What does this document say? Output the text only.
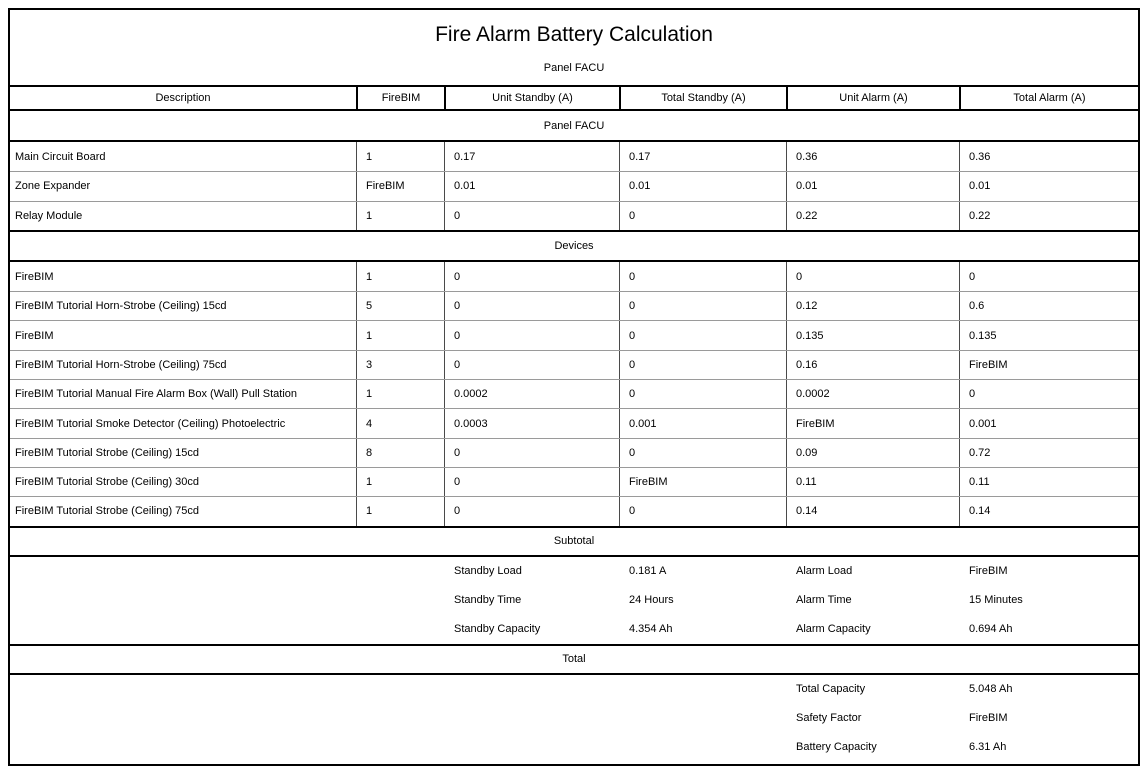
Fire Alarm Battery Calculation
Panel FACU
Description	FireBIM	Unit Standby (A)	Total Standby (A)	Unit Alarm (A)	Total Alarm (A)
Panel FACU
Main Circuit Board	1	0.17	0.17	0.36	0.36
Zone Expander	FireBIM	0.01	0.01	0.01	0.01
Relay Module	1	0	0	0.22	0.22
Devices
FireBIM	1	0	0	0	0
FireBIM Tutorial Horn-Strobe (Ceiling) 15cd	5	0	0	0.12	0.6
FireBIM	1	0	0	0.135	0.135
FireBIM Tutorial Horn-Strobe (Ceiling) 75cd	3	0	0	0.16	FireBIM
FireBIM Tutorial Manual Fire Alarm Box (Wall) Pull Station	1	0.0002	0	0.0002	0
FireBIM Tutorial Smoke Detector (Ceiling) Photoelectric	4	0.0003	0.001	FireBIM	0.001
FireBIM Tutorial Strobe (Ceiling) 15cd	8	0	0	0.09	0.72
FireBIM Tutorial Strobe (Ceiling) 30cd	1	0	FireBIM	0.11	0.11
FireBIM Tutorial Strobe (Ceiling) 75cd	1	0	0	0.14	0.14
Subtotal
Standby Load	0.181 A	Alarm Load	FireBIM
Standby Time	24 Hours	Alarm Time	15 Minutes
Standby Capacity	4.354 Ah	Alarm Capacity	0.694 Ah
Total
Total Capacity	5.048 Ah
Safety Factor	FireBIM
Battery Capacity	6.31 Ah
